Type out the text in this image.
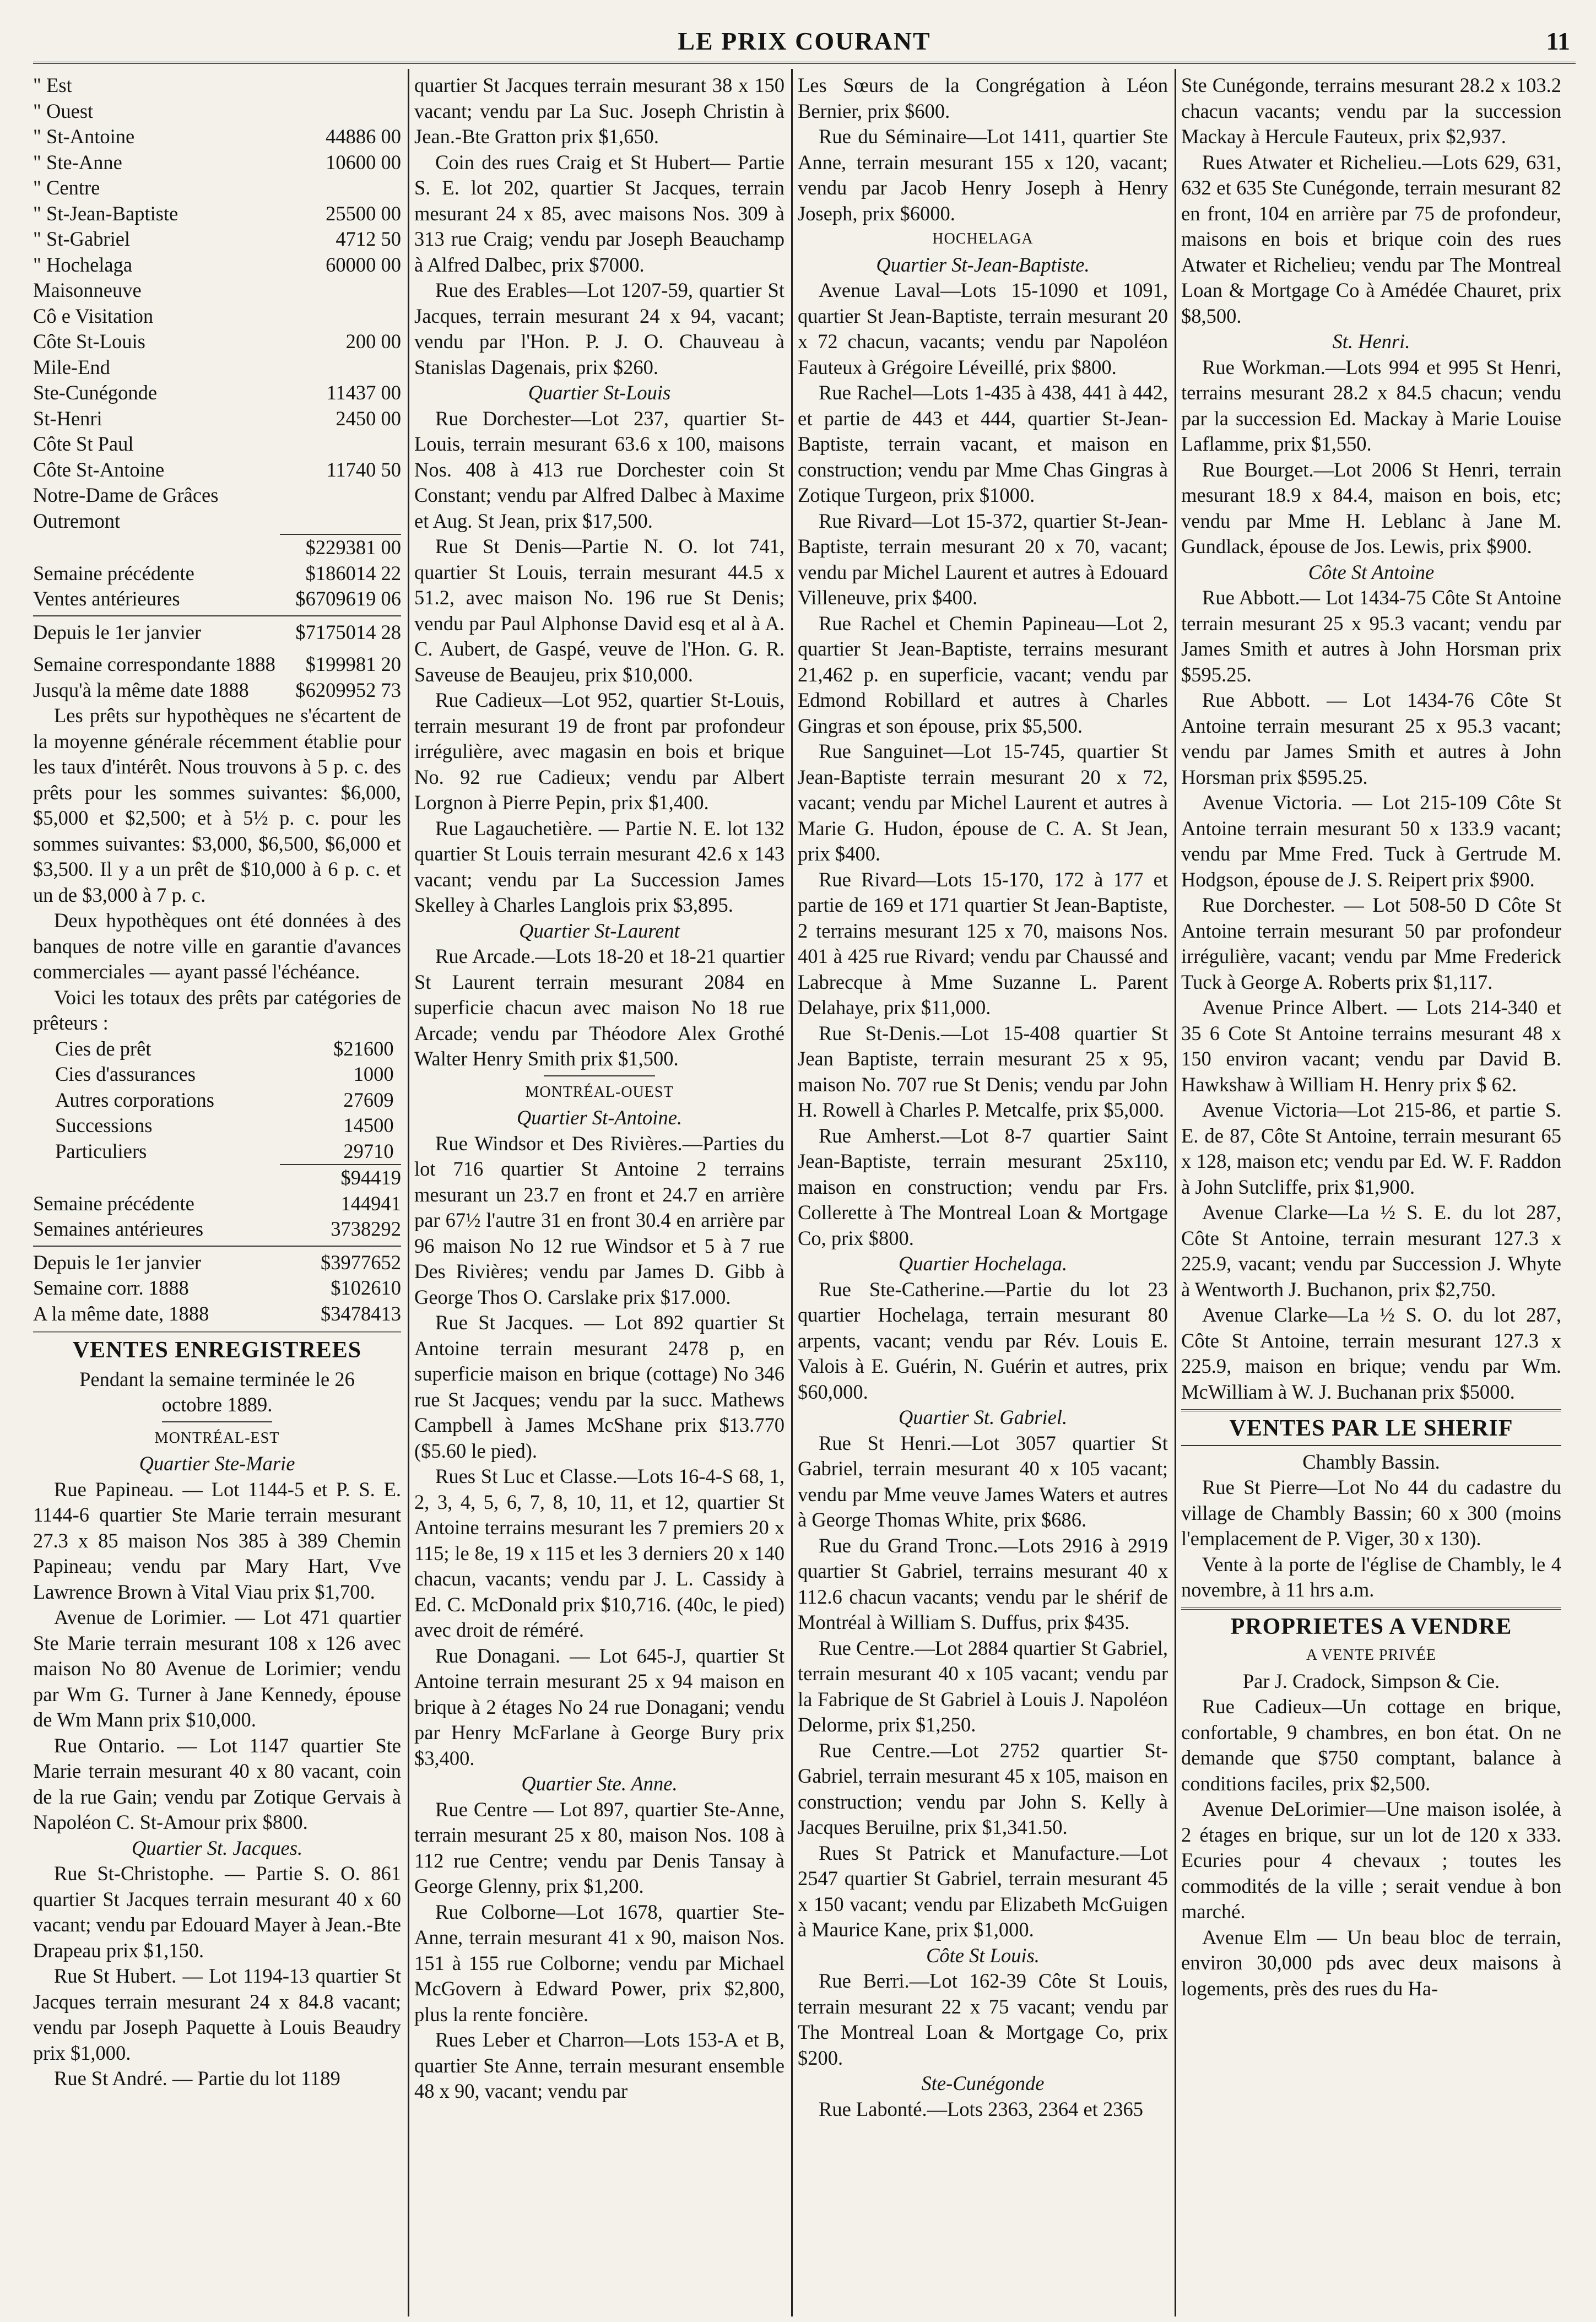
LE PRIX COURANT	11
" Est	
" Ouest	
" St-Antoine	44886 00
" Ste-Anne	10600 00
" Centre	
" St-Jean-Baptiste	25500 00
" St-Gabriel	4712 50
" Hochelaga	60000 00
Maisonneuve	
Cô e Visitation	
Côte St-Louis	200 00
Mile-End	
Ste-Cunégonde	11437 00
St-Henri	2450 00
Côte St Paul	
Côte St-Antoine	11740 50
Notre-Dame de Grâces	
Outremont	
	$229381 00
Semaine précédente	$186014 22
Ventes antérieures	$6709619 06
Depuis le 1er janvier	$7175014 28
Semaine correspondante 1888	$199981 20
Jusqu'à la même date 1888	$6209952 73

Les prêts sur hypothèques ne s'écartent de la moyenne générale récemment établie pour les taux d'intérêt. Nous trouvons à 5 p. c. des prêts pour les sommes suivantes: $6,000, $5,000 et $2,500; et à 5½ p. c. pour les sommes suivantes: $3,000, $6,500, $6,000 et $3,500. Il y a un prêt de $10,000 à 6 p. c. et un de $3,000 à 7 p. c.

Deux hypothèques ont été données à des banques de notre ville en garantie d'avances commerciales — ayant passé l'échéance.

Voici les totaux des prêts par catégories de prêteurs :

Cies de prêt	$21600
Cies d'assurances	1000
Autres corporations	27609
Successions	14500
Particuliers	29710
	$94419
Semaine précédente	144941
Semaines antérieures	3738292
Depuis le 1er janvier	$3977652
Semaine corr. 1888	$102610
A la même date, 1888	$3478413
VENTES ENREGISTREES

Pendant la semaine terminée le 26 octobre 1889.

MONTRÉAL-EST

Quartier Ste-Marie

Rue Papineau. — Lot 1144-5 et P. S. E. 1144-6 quartier Ste Marie terrain mesurant 27.3 x 85 maison Nos 385 à 389 Chemin Papineau; vendu par Mary Hart, Vve Lawrence Brown à Vital Viau prix $1,700.

Avenue de Lorimier. — Lot 471 quartier Ste Marie terrain mesurant 108 x 126 avec maison No 80 Avenue de Lorimier; vendu par Wm G. Turner à Jane Kennedy, épouse de Wm Mann prix $10,000.

Rue Ontario. — Lot 1147 quartier Ste Marie terrain mesurant 40 x 80 vacant, coin de la rue Gain; vendu par Zotique Gervais à Napoléon C. St-Amour prix $800.

Quartier St. Jacques.

Rue St-Christophe. — Partie S. O. 861 quartier St Jacques terrain mesurant 40 x 60 vacant; vendu par Edouard Mayer à Jean.-Bte Drapeau prix $1,150.

Rue St Hubert. — Lot 1194-13 quartier St Jacques terrain mesurant 24 x 84.8 vacant; vendu par Joseph Paquette à Louis Beaudry prix $1,000.

Rue St André. — Partie du lot 1189

quartier St Jacques terrain mesurant 38 x 150 vacant; vendu par La Suc. Joseph Christin à Jean.-Bte Gratton prix $1,650.

Coin des rues Craig et St Hubert— Partie S. E. lot 202, quartier St Jacques, terrain mesurant 24 x 85, avec maisons Nos. 309 à 313 rue Craig; vendu par Joseph Beauchamp à Alfred Dalbec, prix $7000.

Rue des Erables—Lot 1207-59, quartier St Jacques, terrain mesurant 24 x 94, vacant; vendu par l'Hon. P. J. O. Chauveau à Stanislas Dagenais, prix $260.

Quartier St-Louis

Rue Dorchester—Lot 237, quartier St-Louis, terrain mesurant 63.6 x 100, maisons Nos. 408 à 413 rue Dorchester coin St Constant; vendu par Alfred Dalbec à Maxime et Aug. St Jean, prix $17,500.

Rue St Denis—Partie N. O. lot 741, quartier St Louis, terrain mesurant 44.5 x 51.2, avec maison No. 196 rue St Denis; vendu par Paul Alphonse David esq et al à A. C. Aubert, de Gaspé, veuve de l'Hon. G. R. Saveuse de Beaujeu, prix $10,000.

Rue Cadieux—Lot 952, quartier St-Louis, terrain mesurant 19 de front par profondeur irrégulière, avec magasin en bois et brique No. 92 rue Cadieux; vendu par Albert Lorgnon à Pierre Pepin, prix $1,400.

Rue Lagauchetière. — Partie N. E. lot 132 quartier St Louis terrain mesurant 42.6 x 143 vacant; vendu par La Succession James Skelley à Charles Langlois prix $3,895.

Quartier St-Laurent

Rue Arcade.—Lots 18-20 et 18-21 quartier St Laurent terrain mesurant 2084 en superficie chacun avec maison No 18 rue Arcade; vendu par Théodore Alex Grothé Walter Henry Smith prix $1,500.

MONTRÉAL-OUEST

Quartier St-Antoine.

Rue Windsor et Des Rivières.—Parties du lot 716 quartier St Antoine 2 terrains mesurant un 23.7 en front et 24.7 en arrière par 67½ l'autre 31 en front 30.4 en arrière par 96 maison No 12 rue Windsor et 5 à 7 rue Des Rivières; vendu par James D. Gibb à George Thos O. Carslake prix $17.000.

Rue St Jacques. — Lot 892 quartier St Antoine terrain mesurant 2478 p, en superficie maison en brique (cottage) No 346 rue St Jacques; vendu par la succ. Mathews Campbell à James McShane prix $13.770 ($5.60 le pied).

Rues St Luc et Classe.—Lots 16-4-S 68, 1, 2, 3, 4, 5, 6, 7, 8, 10, 11, et 12, quartier St Antoine terrains mesurant les 7 premiers 20 x 115; le 8e, 19 x 115 et les 3 derniers 20 x 140 chacun, vacants; vendu par J. L. Cassidy à Ed. C. McDonald prix $10,716. (40c, le pied) avec droit de réméré.

Rue Donagani. — Lot 645-J, quartier St Antoine terrain mesurant 25 x 94 maison en brique à 2 étages No 24 rue Donagani; vendu par Henry McFarlane à George Bury prix $3,400.

Quartier Ste. Anne.

Rue Centre — Lot 897, quartier Ste-Anne, terrain mesurant 25 x 80, maison Nos. 108 à 112 rue Centre; vendu par Denis Tansay à George Glenny, prix $1,200.

Rue Colborne—Lot 1678, quartier Ste-Anne, terrain mesurant 41 x 90, maison Nos. 151 à 155 rue Colborne; vendu par Michael McGovern à Edward Power, prix $2,800, plus la rente foncière.

Rues Leber et Charron—Lots 153-A et B, quartier Ste Anne, terrain mesurant ensemble 48 x 90, vacant; vendu par

Les Sœurs de la Congrégation à Léon Bernier, prix $600.

Rue du Séminaire—Lot 1411, quartier Ste Anne, terrain mesurant 155 x 120, vacant; vendu par Jacob Henry Joseph à Henry Joseph, prix $6000.

HOCHELAGA

Quartier St-Jean-Baptiste.

Avenue Laval—Lots 15-1090 et 1091, quartier St Jean-Baptiste, terrain mesurant 20 x 72 chacun, vacants; vendu par Napoléon Fauteux à Grégoire Léveillé, prix $800.

Rue Rachel—Lots 1-435 à 438, 441 à 442, et partie de 443 et 444, quartier St-Jean-Baptiste, terrain vacant, et maison en construction; vendu par Mme Chas Gingras à Zotique Turgeon, prix $1000.

Rue Rivard—Lot 15-372, quartier St-Jean-Baptiste, terrain mesurant 20 x 70, vacant; vendu par Michel Laurent et autres à Edouard Villeneuve, prix $400.

Rue Rachel et Chemin Papineau—Lot 2, quartier St Jean-Baptiste, terrains mesurant 21,462 p. en superficie, vacant; vendu par Edmond Robillard et autres à Charles Gingras et son épouse, prix $5,500.

Rue Sanguinet—Lot 15-745, quartier St Jean-Baptiste terrain mesurant 20 x 72, vacant; vendu par Michel Laurent et autres à Marie G. Hudon, épouse de C. A. St Jean, prix $400.

Rue Rivard—Lots 15-170, 172 à 177 et partie de 169 et 171 quartier St Jean-Baptiste, 2 terrains mesurant 125 x 70, maisons Nos. 401 à 425 rue Rivard; vendu par Chaussé and Labrecque à Mme Suzanne L. Parent Delahaye, prix $11,000.

Rue St-Denis.—Lot 15-408 quartier St Jean Baptiste, terrain mesurant 25 x 95, maison No. 707 rue St Denis; vendu par John H. Rowell à Charles P. Metcalfe, prix $5,000.

Rue Amherst.—Lot 8-7 quartier Saint Jean-Baptiste, terrain mesurant 25x110, maison en construction; vendu par Frs. Collerette à The Montreal Loan & Mortgage Co, prix $800.

Quartier Hochelaga.

Rue Ste-Catherine.—Partie du lot 23 quartier Hochelaga, terrain mesurant 80 arpents, vacant; vendu par Rév. Louis E. Valois à E. Guérin, N. Guérin et autres, prix $60,000.

Quartier St. Gabriel.

Rue St Henri.—Lot 3057 quartier St Gabriel, terrain mesurant 40 x 105 vacant; vendu par Mme veuve James Waters et autres à George Thomas White, prix $686.

Rue du Grand Tronc.—Lots 2916 à 2919 quartier St Gabriel, terrains mesurant 40 x 112.6 chacun vacants; vendu par le shérif de Montréal à William S. Duffus, prix $435.

Rue Centre.—Lot 2884 quartier St Gabriel, terrain mesurant 40 x 105 vacant; vendu par la Fabrique de St Gabriel à Louis J. Napoléon Delorme, prix $1,250.

Rue Centre.—Lot 2752 quartier St-Gabriel, terrain mesurant 45 x 105, maison en construction; vendu par John S. Kelly à Jacques Beruilne, prix $1,341.50.

Rues St Patrick et Manufacture.—Lot 2547 quartier St Gabriel, terrain mesurant 45 x 150 vacant; vendu par Elizabeth McGuigen à Maurice Kane, prix $1,000.

Côte St Louis.

Rue Berri.—Lot 162-39 Côte St Louis, terrain mesurant 22 x 75 vacant; vendu par The Montreal Loan & Mortgage Co, prix $200.

Ste-Cunégonde

Rue Labonté.—Lots 2363, 2364 et 2365

Ste Cunégonde, terrains mesurant 28.2 x 103.2 chacun vacants; vendu par la succession Mackay à Hercule Fauteux, prix $2,937.

Rues Atwater et Richelieu.—Lots 629, 631, 632 et 635 Ste Cunégonde, terrain mesurant 82 en front, 104 en arrière par 75 de profondeur, maisons en bois et brique coin des rues Atwater et Richelieu; vendu par The Montreal Loan & Mortgage Co à Amédée Chauret, prix $8,500.

St. Henri.

Rue Workman.—Lots 994 et 995 St Henri, terrains mesurant 28.2 x 84.5 chacun; vendu par la succession Ed. Mackay à Marie Louise Laflamme, prix $1,550.

Rue Bourget.—Lot 2006 St Henri, terrain mesurant 18.9 x 84.4, maison en bois, etc; vendu par Mme H. Leblanc à Jane M. Gundlack, épouse de Jos. Lewis, prix $900.

Côte St Antoine

Rue Abbott.— Lot 1434-75 Côte St Antoine terrain mesurant 25 x 95.3 vacant; vendu par James Smith et autres à John Horsman prix $595.25.

Rue Abbott. — Lot 1434-76 Côte St Antoine terrain mesurant 25 x 95.3 vacant; vendu par James Smith et autres à John Horsman prix $595.25.

Avenue Victoria. — Lot 215-109 Côte St Antoine terrain mesurant 50 x 133.9 vacant; vendu par Mme Fred. Tuck à Gertrude M. Hodgson, épouse de J. S. Reipert prix $900.

Rue Dorchester. — Lot 508-50 D Côte St Antoine terrain mesurant 50 par profondeur irrégulière, vacant; vendu par Mme Frederick Tuck à George A. Roberts prix $1,117.

Avenue Prince Albert. — Lots 214-340 et 35 6 Cote St Antoine terrains mesurant 48 x 150 environ vacant; vendu par David B. Hawkshaw à William H. Henry prix $ 62.

Avenue Victoria—Lot 215-86, et partie S. E. de 87, Côte St Antoine, terrain mesurant 65 x 128, maison etc; vendu par Ed. W. F. Raddon à John Sutcliffe, prix $1,900.

Avenue Clarke—La ½ S. E. du lot 287, Côte St Antoine, terrain mesurant 127.3 x 225.9, vacant; vendu par Succession J. Whyte à Wentworth J. Buchanon, prix $2,750.

Avenue Clarke—La ½ S. O. du lot 287, Côte St Antoine, terrain mesurant 127.3 x 225.9, maison en brique; vendu par Wm. McWilliam à W. J. Buchanan prix $5000.

VENTES PAR LE SHERIF

Chambly Bassin.

Rue St Pierre—Lot No 44 du cadastre du village de Chambly Bassin; 60 x 300 (moins l'emplacement de P. Viger, 30 x 130).

Vente à la porte de l'église de Chambly, le 4 novembre, à 11 hrs a.m.

PROPRIETES A VENDRE

A VENTE PRIVÉE

Par J. Cradock, Simpson & Cie.

Rue Cadieux—Un cottage en brique, confortable, 9 chambres, en bon état. On ne demande que $750 comptant, balance à conditions faciles, prix $2,500.

Avenue DeLorimier—Une maison isolée, à 2 étages en brique, sur un lot de 120 x 333. Ecuries pour 4 chevaux ; toutes les commodités de la ville ; serait vendue à bon marché.

Avenue Elm — Un beau bloc de terrain, environ 30,000 pds avec deux maisons à logements, près des rues du Ha-
